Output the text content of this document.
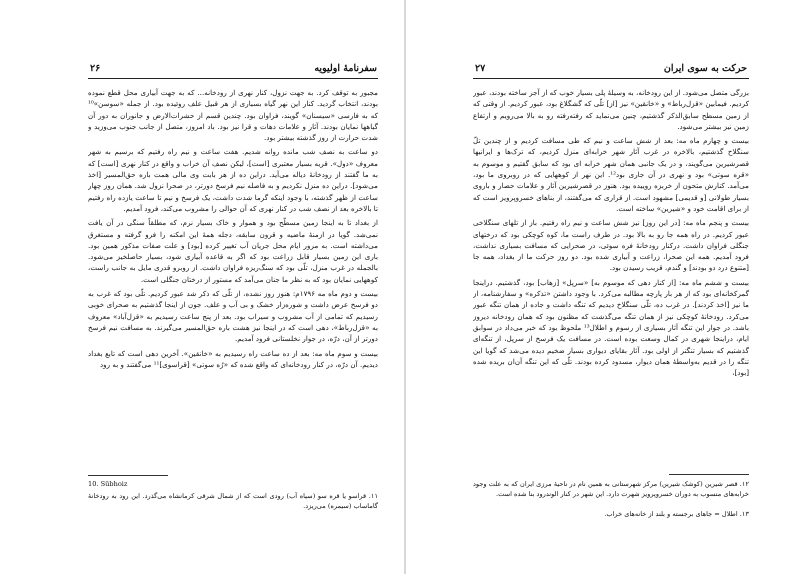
۲۶	سفرنامهٔ اولیویه

مجبور به توقف کرد. به جهت نزول، کنار نهری از رودخانه... که به جهت آبیاری محل قطع نموده بودند، انتخاب گردید. کنار این نهر گیاه بسیاری از هر قبیل علف روئیده بود. از جمله «سوسن»¹⁰ که به فارسی «سیسنان» گویند، فراوان بود. چندین قسم از حشرات‌الارض و جانوران به دور آن گیاهها نمایان بودند. آثار و علامات دهات و قرا نیز بود. باد امروز، متصل از جانب جنوب می‌وزید و شدت حرارت از روز گذشته بیشتر بود.

دو ساعت به نصف شب مانده روانه شدیم. هفت ساعت و نیم راه رفتیم که برسیم به شهر معروف «دول». قریه بسیار معتبری [است]، لیکن نصف آن خراب و واقع در کنار نهری [است] که به ما گفتند از رودخانهٔ دیاله می‌آید. دراین ده از هر بابت وی مالی همت باره حق‌المسیر [اخذ می‌شود]. دراین ده منزل نکردیم و به فاصله نیم فرسخ دورتر، در صحرا نزول شد. همان روز چهار ساعت از ظهر گذشته، با وجود اینکه گرما شدت داشت، یک فرسخ و نیم تا ساعت یازده راه رفتیم تا بالاخره بعد از نصف شب در کنار نهری که آن حوالی را مشروب می‌کند، فرود آمدیم.

از بغداد تا به اینجا زمین مسطّح بود و هموار و خاک بسیار نرم، که مطلقاً سنگی در آن یافت نمی‌شد. گویا در ازمنهٔ ماضیه و قرون سابقه، دجله همهٔ این امکنه را فرو گرفته و مستغرق می‌داشته است. به مرور ایام محل جریان آب تغییر کرده [بود] و علت صفات مذکور همین بود. باری این زمین بسیار قابل زراعت بود که اگر به قاعده آبیاری شود، بسیار حاصلخیز می‌شود. بالجمله در غرب منزل، تلّی بود که سنگ‌ریزه فراوان داشت. از روبرو قدری مایل به جانب راست، کوههایی نمایان بود که به نظر ما جنان می‌آمد که مستور از درختان جنگلی است.

بیست و دوم ماه مه ۱۷۹۶م: هنوز روز نشده، از تلّی که ذکر شد عبور کردیم. تلّی بود که غرب به دو فرسخ عرض داشت و شوره‌زار خشک و بی آب و علف. جون از اینجا گذشتیم به صحرای خوبی رسیدیم که تمامی از آب مشروب و سیراب بود. بعد از پنج ساعت رسیدیم به «قزل‌آباد» معروف به «قزل‌رباط»، دهی است که در اینجا نیز هشت باره حق‌المسیر می‌گیرند. به مسافت نیم فرسخ دورتر از آن، درّه، در جوار نخلستانی فرود آمدیم.

بیست و سوم ماه مه: بعد از ده ساعت راه رسیدیم به «خانقین». آخرین دهی است که تابع بغداد دیدیم. آن درّه، در کنار رودخانه‌ای که واقع شده که «رُه سوتی» [قراسوی]¹¹ می‌گفتند و به رود

10. Sūbhoiz
۱۱. قراسو یا قره سو (سیاه آب) رودی است که از شمال شرقی کرمانشاه می‌گذرد. این رود به رودخانهٔ گاماساب (سیمره) می‌ریزد.
۲۷	حرکت به سوی ایران

بزرگی متصل می‌شود. از این رودخانه، به وسیلهٔ پلی بسیار خوب که از آجر ساخته بودند، عبور کردیم. فیمابین «قزل‌رباط» و «خانقین» نیز [از] تلّی که گشگلاغ بود، عبور کردیم. از وقتی که از زمین مسطح سابق‌الذکر گذشتیم، چنین می‌نماید که رفته‌رفته رو به بالا می‌رویم و ارتفاع زمین نیز بیشتر می‌شود.

بیست و چهارم ماه مه: بعد از شش ساعت و نیم که طی مسافت کردیم و از چندین تلّ سنگلاخ گذشتیم، بالاخره در غرب آثار شهر خرابه‌ای منزل کردیم، که ترک‌ها و ایرانیها قصرشیرین می‌گویند، و در یک جانبی همان شهر خرابه ای بود که سابق گفتیم و موسوم به «قره سوتی» بود و نهری در آن جاری بود¹². این نهر از کوههایی که در روبروی ما بود، می‌آمد. کنارش متحون از خربزه روییده بود. هنوز در قصرشیرین آثار و علامات حصار و باروی بسیار طولانی [و قدیمی] مشهود است. از قراری که می‌گفتند، از بناهای خسروپرویز است که از برای اقامت خود و «شیرین» ساخته است.

بیست و پنجم ماه مه: [در این روز] نیز شش ساعت و نیم راه رفتیم. باز از تلهای سنگلاخی عبور کردیم. در راه همه جا رو به بالا بود. در طرف راست ما، کوه کوچکی بود که درختهای جنگلی فراوان داشت. درکنار رودخانهٔ فره سوئی، در صحرایی که مسافت بسیاری نداشت، فرود آمدیم. همه این صحرا، زراعت و آبیاری شده بود. دو روز حرکت ما از بغداد، همه جا [متنوع درد دو بودند] و گندم، قریب رسیدن بود.

بیست و ششم ماه مه: [از کنار دهی که موسوم به] «سرپل» [زهاب] بود، گذشتیم. دراینجا گمرکخانه‌ای بود که از هر بار پارچه مطالبه می‌کرد. با وجود داشتن «تذکره» و سفارشنامه، از ما نیز [اخذ کردند]. در غرب ده، تلّی سنگلاخ دیدیم که تنگه داشت و جاده از همان تنگه عبور می‌کرد. رودخانهٔ کوچکی نیز از همان تنگه می‌گذشت که مظنون بود که همان رودخانه دیروز باشد. در جوار این تنگه آثار بسیاری از رسوم و اطلال¹³ ملحوظ بود که خبر می‌داد در سوابق ایام، دراینجا شهری در کمال وسعت بوده است. در مسافت یک فرسخ از سرپل، از تنگه‌ای گذشتیم که بسیار تنگتر از اولی بود. آثار بقایای دیواری بسیار ضخیم دیده می‌شد که گویا این تنگه را در قدیم به‌واسطهٔ همان دیوار، مسدود کرده بودند. تلّی که این تنگه آن‌ان بریده شده [بود]،

۱۲. قصر شیرین (کوشک شیرین) مرکز شهرستانی به همین نام در ناحیهٔ مرزی ایران که به علت وجود خرابه‌های منسوب به دوران خسروپرویز شهرت دارد. این شهر در کنار الوندرود بنا شده است.
۱۳. اطلال = جاهای برجسته و بلند از خانه‌های خراب.
